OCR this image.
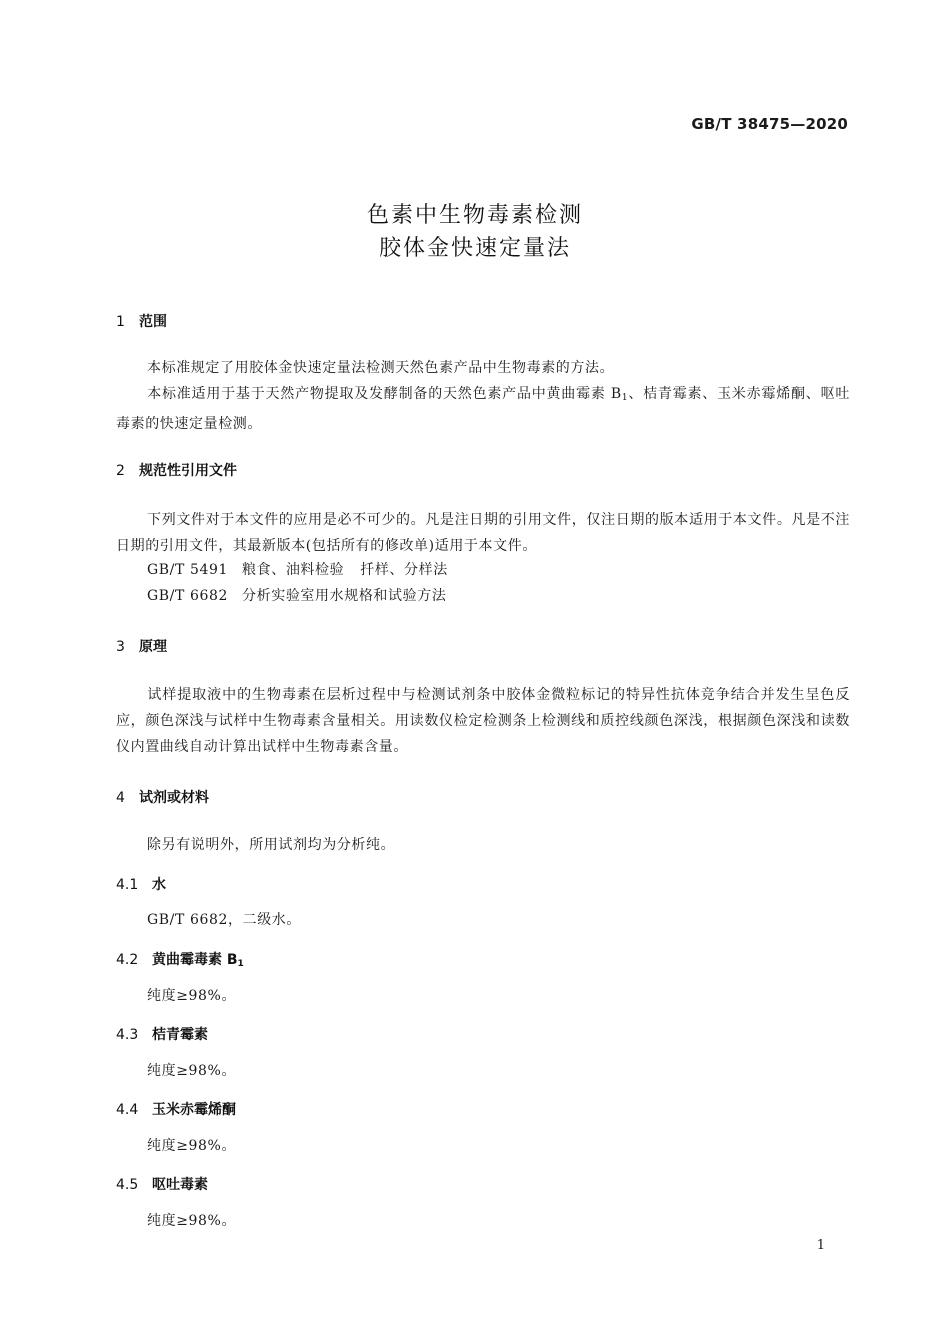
GB/T 38475—2020
色素中生物毒素检测
胶体金快速定量法
1 范围
本标准规定了用胶体金快速定量法检测天然色素产品中生物毒素的方法。
本标准适用于基于天然产物提取及发酵制备的天然色素产品中黄曲霉素 $B_1$、桔青霉素、玉米赤霉烯酮、呕吐毒素的快速定量检测。
2 规范性引用文件
下列文件对于本文件的应用是必不可少的。凡是注日期的引用文件，仅注日期的版本适用于本文件。凡是不注日期的引用文件，其最新版本(包括所有的修改单)适用于本文件。
GB/T 5491 粮食、油料检验 扦样、分样法
GB/T 6682 分析实验室用水规格和试验方法
3 原理
试样提取液中的生物毒素在层析过程中与检测试剂条中胶体金微粒标记的特异性抗体竞争结合并发生呈色反应，颜色深浅与试样中生物毒素含量相关。用读数仪检定检测条上检测线和质控线颜色深浅，根据颜色深浅和读数仪内置曲线自动计算出试样中生物毒素含量。
4 试剂或材料
除另有说明外，所用试剂均为分析纯。
4.1 水
GB/T 6682，二级水。
4.2 黄曲霉毒素 $B_1$
纯度≥98%。
4.3 桔青霉素
纯度≥98%。
4.4 玉米赤霉烯酮
纯度≥98%。
4.5 呕吐毒素
纯度≥98%。
1
